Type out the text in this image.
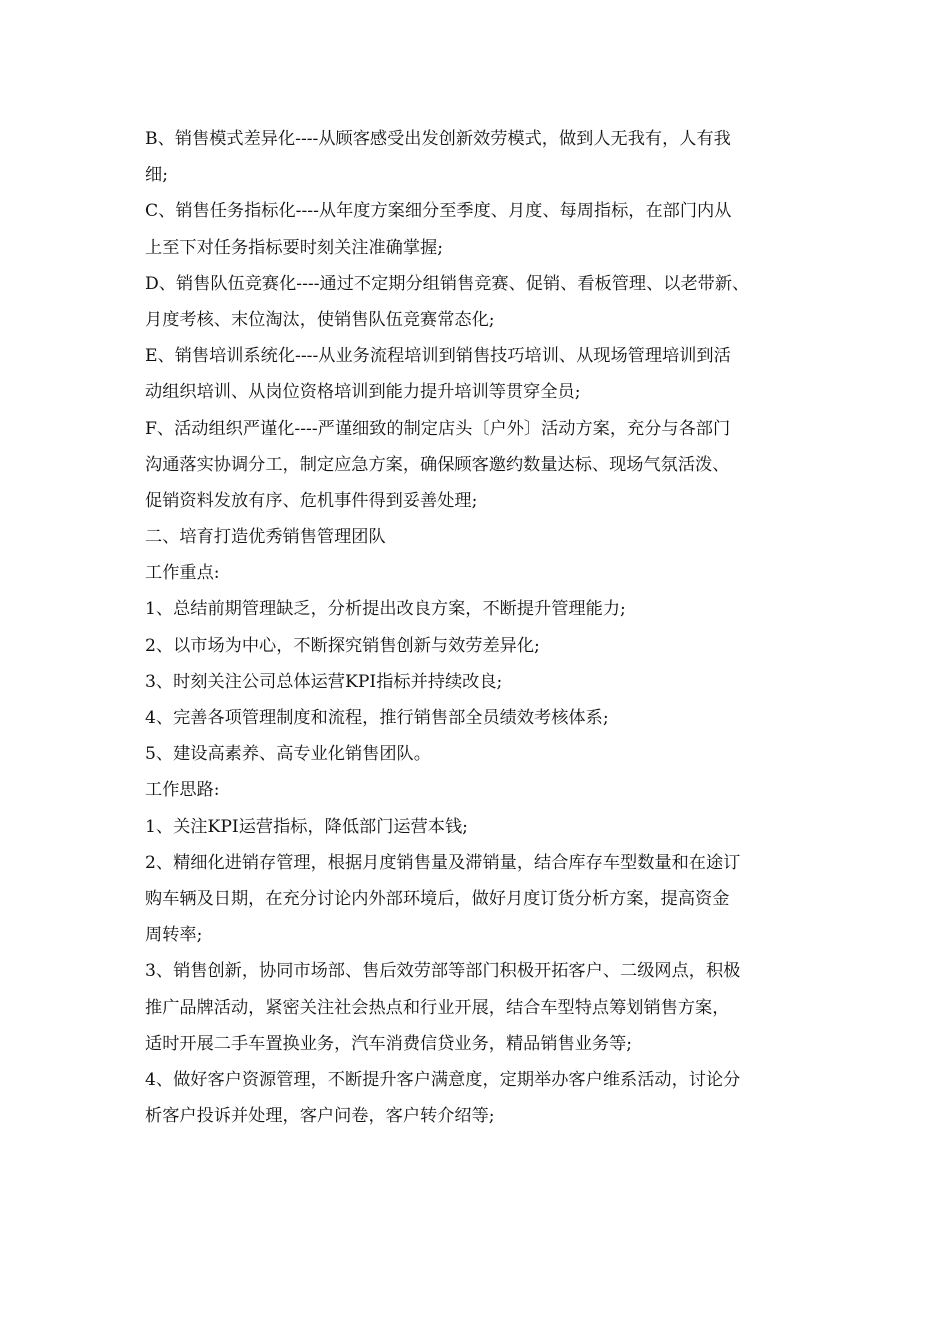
B、销售模式差异化----从顾客感受出发创新效劳模式，做到人无我有，人有我
细;
C、销售任务指标化----从年度方案细分至季度、月度、每周指标，在部门内从
上至下对任务指标要时刻关注准确掌握;
D、销售队伍竞赛化----通过不定期分组销售竞赛、促销、看板管理、以老带新、
月度考核、末位淘汰，使销售队伍竞赛常态化;
E、销售培训系统化----从业务流程培训到销售技巧培训、从现场管理培训到活
动组织培训、从岗位资格培训到能力提升培训等贯穿全员;
F、活动组织严谨化----严谨细致的制定店头〔户外〕活动方案，充分与各部门
沟通落实协调分工，制定应急方案，确保顾客邀约数量达标、现场气氛活泼、
促销资料发放有序、危机事件得到妥善处理;
二、培育打造优秀销售管理团队
工作重点:
1、总结前期管理缺乏，分析提出改良方案，不断提升管理能力;
2、以市场为中心，不断探究销售创新与效劳差异化;
3、时刻关注公司总体运营KPI指标并持续改良;
4、完善各项管理制度和流程，推行销售部全员绩效考核体系;
5、建设高素养、高专业化销售团队。
工作思路:
1、关注KPI运营指标，降低部门运营本钱;
2、精细化进销存管理，根据月度销售量及滞销量，结合库存车型数量和在途订
购车辆及日期，在充分讨论内外部环境后，做好月度订货分析方案，提高资金
周转率;
3、销售创新，协同市场部、售后效劳部等部门积极开拓客户、二级网点，积极
推广品牌活动，紧密关注社会热点和行业开展，结合车型特点筹划销售方案，
适时开展二手车置换业务，汽车消费信贷业务，精品销售业务等;
4、做好客户资源管理，不断提升客户满意度，定期举办客户维系活动，讨论分
析客户投诉并处理，客户问卷，客户转介绍等;
